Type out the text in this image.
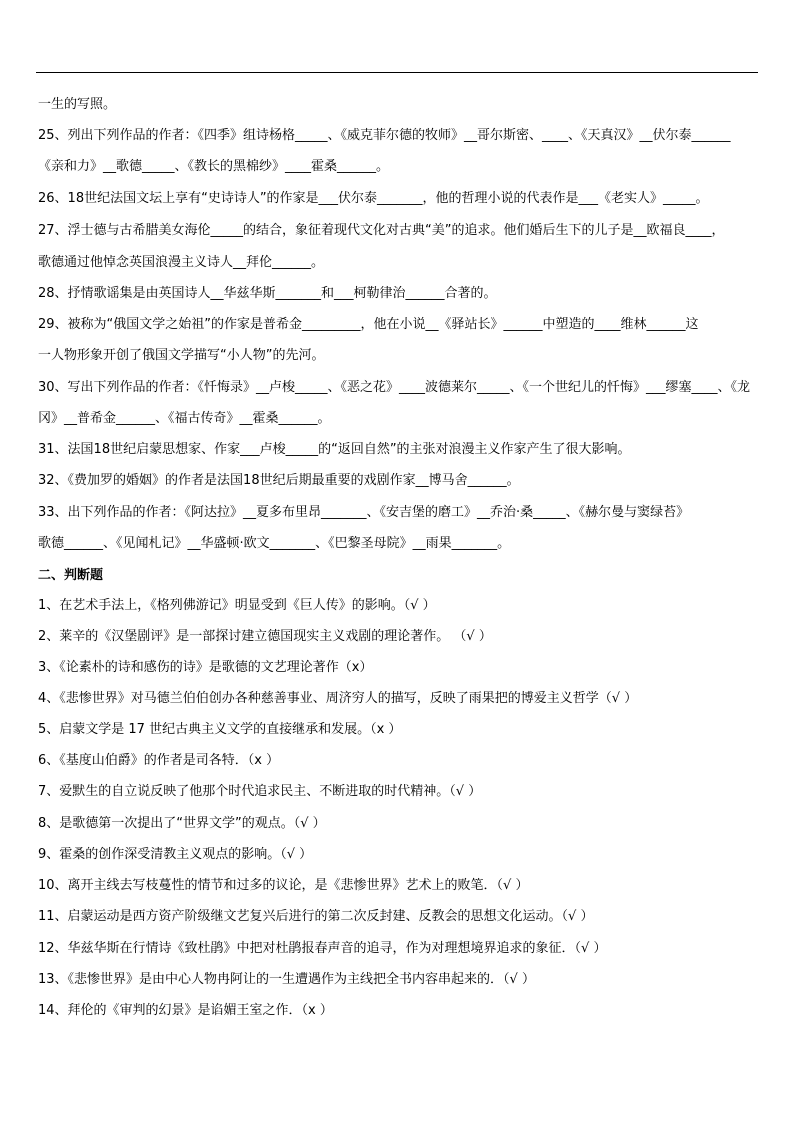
一生的写照。
25、列出下列作品的作者：《四季》组诗杨格_____、《威克菲尔德的牧师》__哥尔斯密、____、《天真汉》__伏尔泰______
《亲和力》__歌德_____、《教长的黑棉纱》____霍桑______。
26、18世纪法国文坛上享有“史诗诗人”的作家是___伏尔泰_______，他的哲理小说的代表作是___《老实人》_____。
27、浮士德与古希腊美女海伦_____的结合，象征着现代文化对古典“美”的追求。他们婚后生下的儿子是__欧福良____，
歌德通过他悼念英国浪漫主义诗人__拜伦______。
28、抒情歌谣集是由英国诗人__华兹华斯_______和___柯勒律治______合著的。
29、被称为“俄国文学之始祖”的作家是普希金_________，他在小说__《驿站长》______中塑造的____维林______这
一人物形象开创了俄国文学描写“小人物”的先河。
30、写出下列作品的作者：《忏悔录》__卢梭_____、《恶之花》____波德莱尔_____、《一个世纪儿的忏悔》___缪塞____、《龙
冈》__普希金______、《福古传奇》__霍桑______。
31、法国18世纪启蒙思想家、作家___卢梭_____的“返回自然”的主张对浪漫主义作家产生了很大影响。
32、《费加罗的婚姻》的作者是法国18世纪后期最重要的戏剧作家__博马舍______。
33、出下列作品的作者：《阿达拉》__夏多布里昂_______、《安吉堡的磨工》__乔治·桑_____、《赫尔曼与窦绿苔》
歌德______、《见闻札记》__华盛顿·欧文_______、《巴黎圣母院》__雨果_______。
二、判断题
1、在艺术手法上，《格列佛游记》明显受到《巨人传》的影响。（√ ）
2、莱辛的《汉堡剧评》是一部探讨建立德国现实主义戏剧的理论著作。 （√ ）
3、《论素朴的诗和感伤的诗》是歌德的文艺理论著作（x）
4、《悲惨世界》对马德兰伯伯创办各种慈善事业、周济穷人的描写，反映了雨果把的博爱主义哲学（√ ）
5、启蒙文学是 17 世纪古典主义文学的直接继承和发展。（x ）
6、《基度山伯爵》的作者是司各特．（x ）
7、爱默生的自立说反映了他那个时代追求民主、不断进取的时代精神。（√ ）
8、是歌德第一次提出了“世界文学”的观点。（√ ）
9、霍桑的创作深受清教主义观点的影响。（√ ）
10、离开主线去写枝蔓性的情节和过多的议论，是《悲惨世界》艺术上的败笔．（√ ）
11、启蒙运动是西方资产阶级继文艺复兴后进行的第二次反封建、反教会的思想文化运动。（√ ）
12、华兹华斯在行情诗《致杜鹃》中把对杜鹃报春声音的追寻，作为对理想境界追求的象征．（√ ）
13、《悲惨世界》是由中心人物冉阿让的一生遭遇作为主线把全书内容串起来的．（√ ）
14、拜伦的《审判的幻景》是谄媚王室之作．（x ）
